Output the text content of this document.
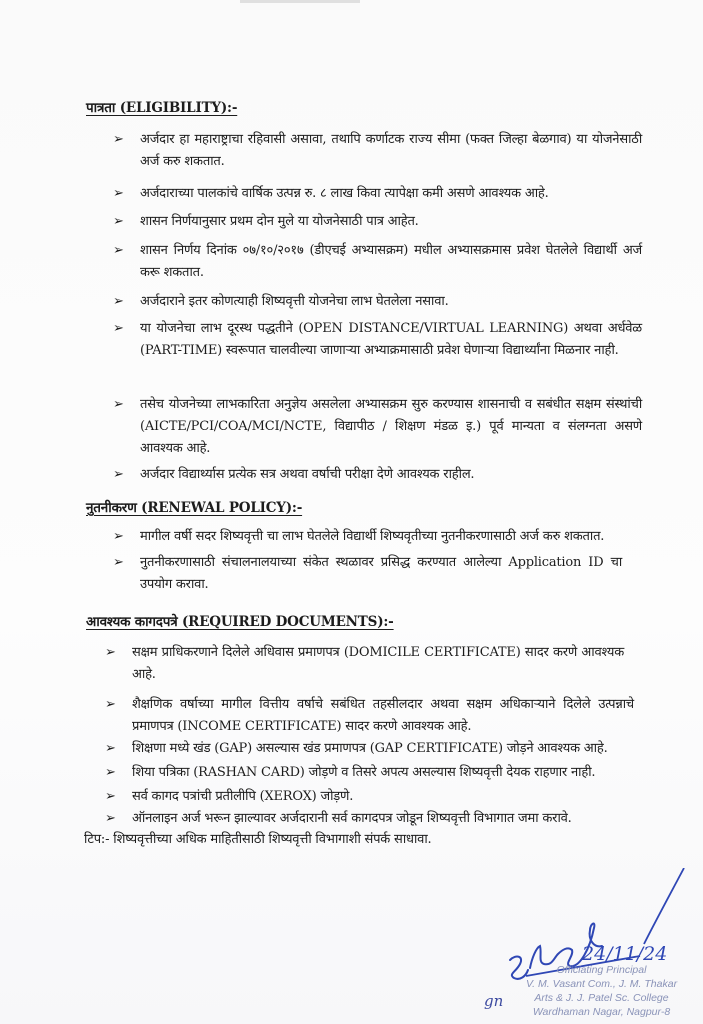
पात्रता (ELIGIBILITY):-
➢ अर्जदार हा महाराष्ट्राचा रहिवासी असावा, तथापि कर्णाटक राज्य सीमा (फक्त जिल्हा बेळगाव) या योजनेसाठी अर्ज करु शकतात.
➢ अर्जदाराच्या पालकांचे वार्षिक उत्पन्न रु. ८ लाख किवा त्यापेक्षा कमी असणे आवश्यक आहे.
➢ शासन निर्णयानुसार प्रथम दोन मुले या योजनेसाठी पात्र आहेत.
➢ शासन निर्णय दिनांक ०७/१०/२०१७ (डीएचई अभ्यासक्रम) मधील अभ्यासक्रमास प्रवेश घेतलेले विद्यार्थी अर्ज करू शकतात.
➢ अर्जदाराने इतर कोणत्याही शिष्यवृत्ती योजनेचा लाभ घेतलेला नसावा.
➢ या योजनेचा लाभ दूरस्थ पद्धतीने (OPEN DISTANCE/VIRTUAL LEARNING) अथवा अर्धवेळ (PART-TIME) स्वरूपात चालवील्या जाणाऱ्या अभ्याक्रमासाठी प्रवेश घेणाऱ्या विद्यार्थ्यांना मिळनार नाही.
➢ तसेच योजनेच्या लाभकारिता अनुज्ञेय असलेला अभ्यासक्रम सुरु करण्यास शासनाची व सबंधीत सक्षम संस्थांची (AICTE/PCI/COA/MCI/NCTE, विद्यापीठ / शिक्षण मंडळ इ.) पूर्व मान्यता व संलग्नता असणे आवश्यक आहे.
➢ अर्जदार विद्यार्थ्यास प्रत्येक सत्र अथवा वर्षाची परीक्षा देणे आवश्यक राहील.
नुतनीकरण (RENEWAL POLICY):-
➢ मागील वर्षी सदर शिष्यवृत्ती चा लाभ घेतलेले विद्यार्थी शिष्यवृतीच्या नुतनीकरणासाठी अर्ज करु शकतात.
➢ नुतनीकरणासाठी संचालनालयाच्या संकेत स्थळावर प्रसिद्ध करण्यात आलेल्या Application ID चा उपयोग करावा.
आवश्यक कागदपत्रे (REQUIRED DOCUMENTS):-
➢ सक्षम प्राधिकरणाने दिलेले अधिवास प्रमाणपत्र (DOMICILE CERTIFICATE) सादर करणे आवश्यक आहे.
➢ शैक्षणिक वर्षाच्या मागील वित्तीय वर्षाचे सबंधित तहसीलदार अथवा सक्षम अधिकाऱ्याने दिलेले उत्पन्नाचे प्रमाणपत्र (INCOME CERTIFICATE) सादर करणे आवश्यक आहे.
➢ शिक्षणा मध्ये खंड (GAP) असल्यास खंड प्रमाणपत्र (GAP CERTIFICATE) जोड़ने आवश्यक आहे.
➢ शिया पत्रिका (RASHAN CARD) जोड़णे व तिसरे अपत्य असल्यास शिष्यवृत्ती देयक राहणार नाही.
➢ सर्व कागद पत्रांची प्रतीलीपि (XEROX) जोड़णे.
➢ ऑनलाइन अर्ज भरून झाल्यावर अर्जदारानी सर्व कागदपत्र जोडून शिष्यवृत्ती विभागात जमा करावे.
टिप:- शिष्यवृत्तीच्या अधिक माहितीसाठी शिष्यवृत्ती विभागाशी संपर्क साधावा.
24/11/24
Officiating Principal
V. M. Vasant Com., J. M. Thakar
Arts & J. J. Patel Sc. College
Wardhaman Nagar, Nagpur-8
gn
